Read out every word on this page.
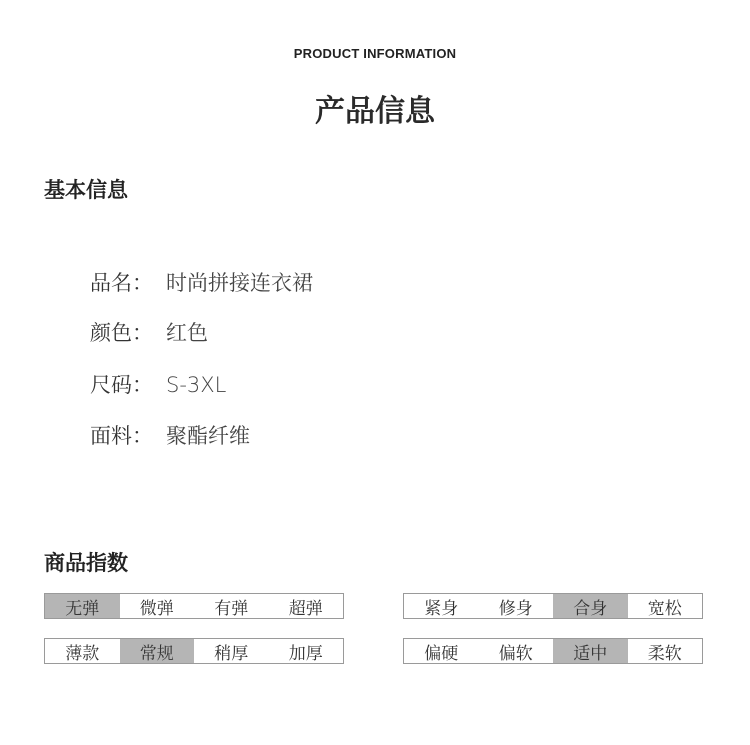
PRODUCT INFORMATION
产品信息
基本信息
品名： 时尚拼接连衣裙
颜色： 红色
尺码： S-3XL
面料： 聚酯纤维
商品指数
无弹	微弹	有弹	超弹	紧身	修身	合身	宽松
薄款	常规	稍厚	加厚	偏硬	偏软	适中	柔软
